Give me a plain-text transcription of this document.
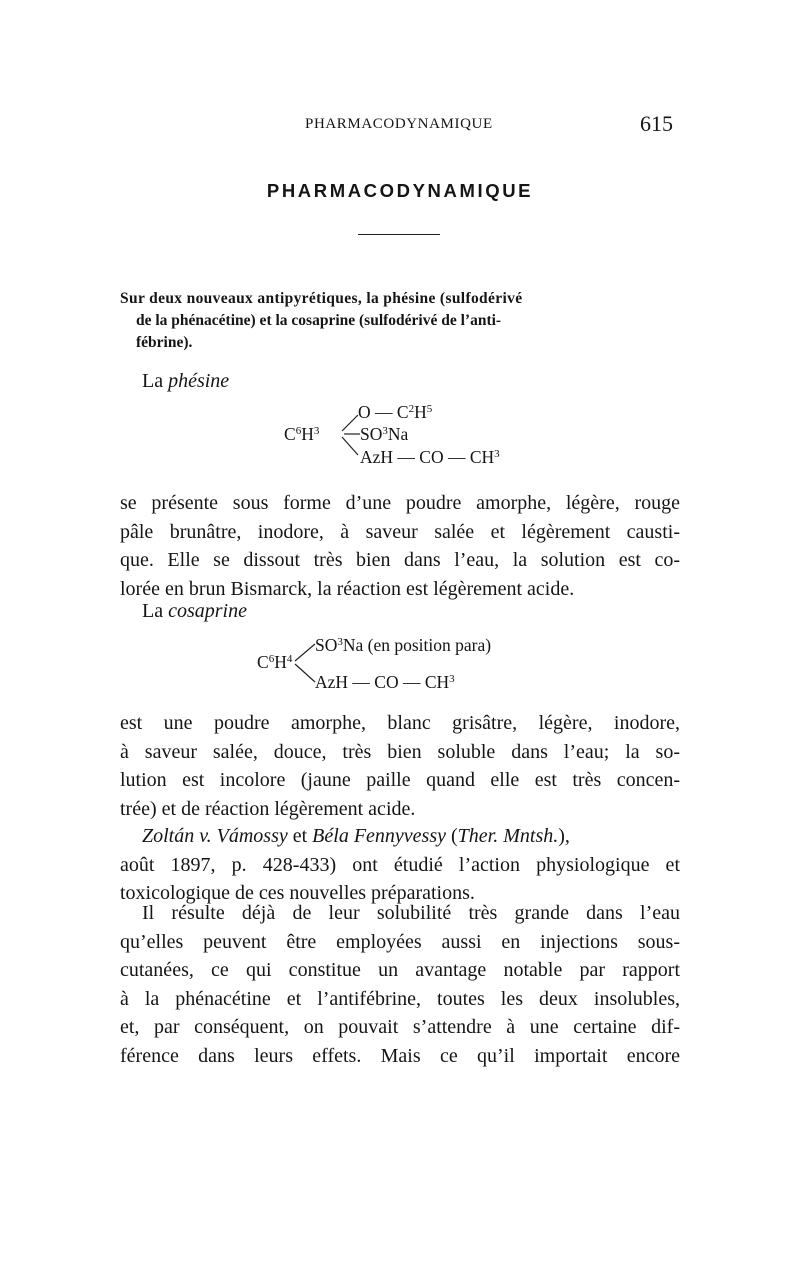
PHARMACODYNAMIQUE	615
PHARMACODYNAMIQUE
Sur deux nouveaux antipyrétiques, la phésine (sulfodérivé
de la phénacétine) et la cosaprine (sulfodérivé de l’anti-
fébrine).
La phésine
$C^6H^3$
O — $C^2H^5$
$SO^3Na$
AzH — CO — $CH^3$
se présente sous forme d’une poudre amorphe, légère, rouge
pâle brunâtre, inodore, à saveur salée et légèrement causti-
que. Elle se dissout très bien dans l’eau, la solution est co-
lorée en brun Bismarck, la réaction est légèrement acide.
La cosaprine
$C^6H^4$
$SO^3Na$ (en position para)
AzH — CO — $CH^3$
est une poudre amorphe, blanc grisâtre, légère, inodore,
à saveur salée, douce, très bien soluble dans l’eau; la so-
lution est incolore (jaune paille quand elle est très concen-
trée) et de réaction légèrement acide.
Zoltán v. Vámossy et Béla Fennyvessy (Ther. Mntsh.),
août 1897, p. 428-433) ont étudié l’action physiologique et
toxicologique de ces nouvelles préparations.
Il résulte déjà de leur solubilité très grande dans l’eau
qu’elles peuvent être employées aussi en injections sous-
cutanées, ce qui constitue un avantage notable par rapport
à la phénacétine et l’antifébrine, toutes les deux insolubles,
et, par conséquent, on pouvait s’attendre à une certaine dif-
férence dans leurs effets. Mais ce qu’il importait encore
